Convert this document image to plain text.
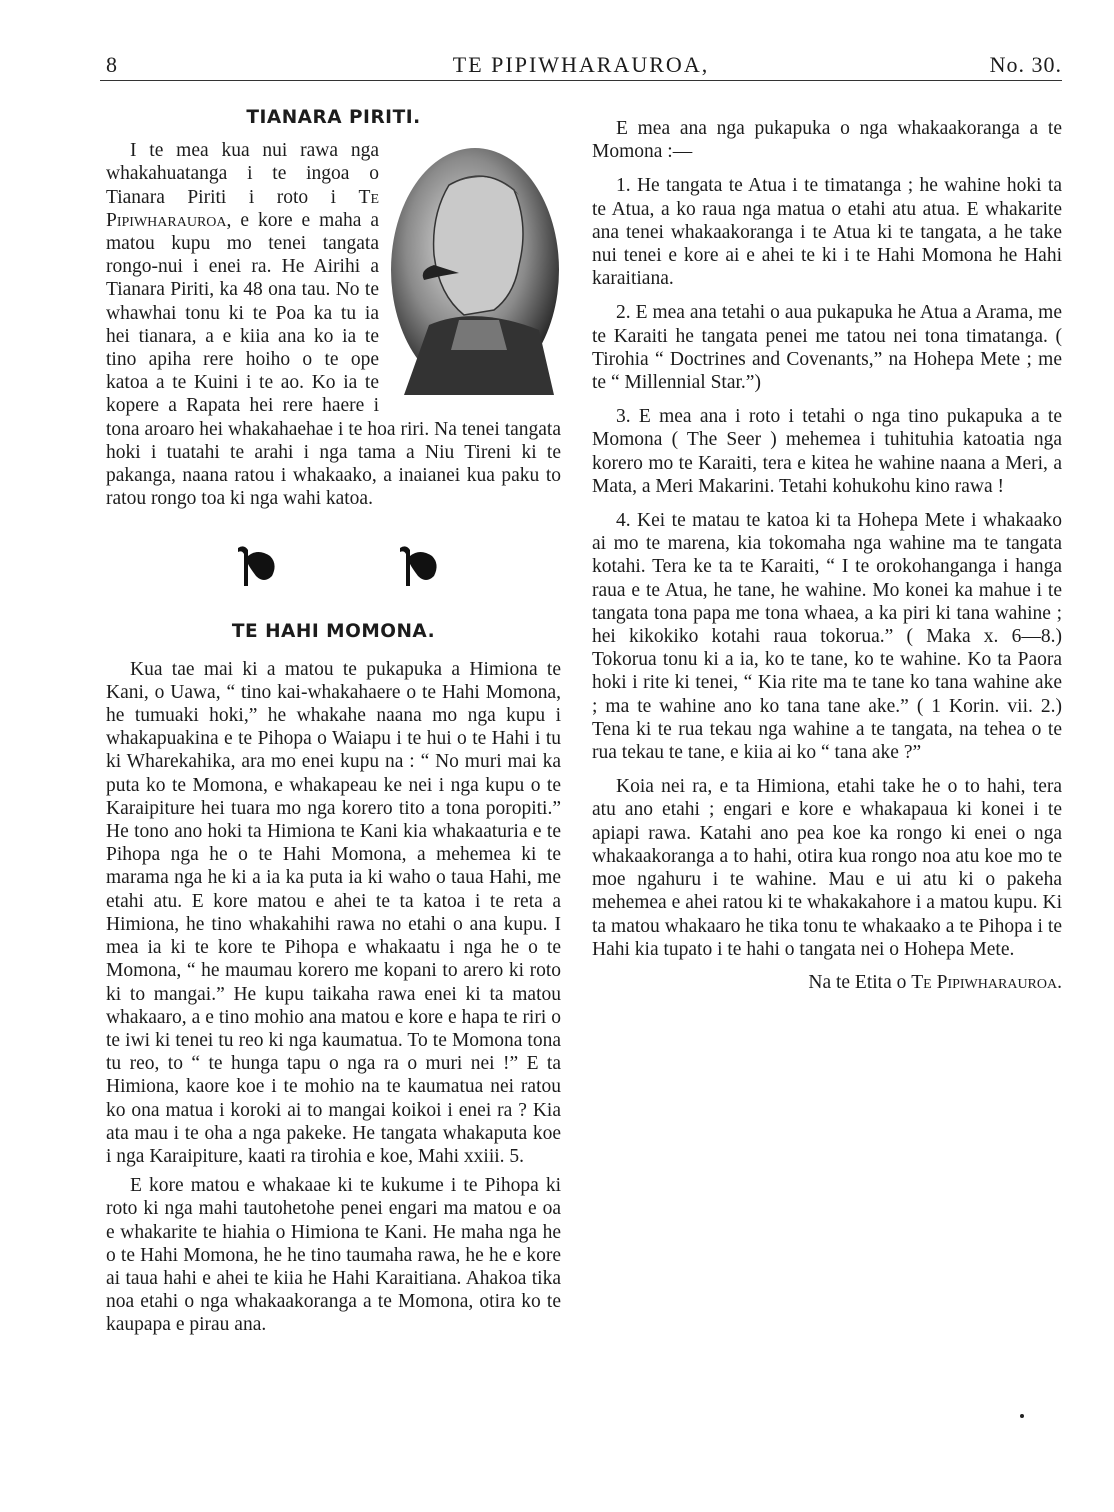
8	TE PIPIWHARAUROA,	No. 30.
TIANARA PIRITI.

I te mea kua nui rawa nga whakahuatanga i te ingoa o Tianara Piriti i roto i Te Pipiwharauroa, e kore e maha a matou kupu mo tenei tangata rongo-nui i enei ra. He Airihi a Tianara Piriti, ka 48 ona tau. No te whawhai tonu ki te Poa ka tu ia hei tianara, a e kiia ana ko ia te tino apiha rere hoiho o te ope katoa a te Kuini i te ao. Ko ia te kopere a Rapata hei rere haere i tona aroaro hei whakahaehae i te hoa riri. Na tenei tangata hoki i tuatahi te arahi i nga tama a Niu Tireni ki te pakanga, naana ratou i whakaako, a inaianei kua paku to ratou rongo toa ki nga wahi katoa.

TE HAHI MOMONA.

Kua tae mai ki a matou te pukapuka a Himiona te Kani, o Uawa, “ tino kai-whakahaere o te Hahi Momona, he tumuaki hoki,” he whakahe naana mo nga kupu i whakapuakina e te Pihopa o Waiapu i te hui o te Hahi i tu ki Wharekahika, ara mo enei kupu na : “ No muri mai ka puta ko te Momona, e whakapeau ke nei i nga kupu o te Karaipiture hei tuara mo nga korero tito a tona poropiti.” He tono ano hoki ta Himiona te Kani kia whakaaturia e te Pihopa nga he o te Hahi Momona, a mehemea ki te marama nga he ki a ia ka puta ia ki waho o taua Hahi, me etahi atu. E kore matou e ahei te ta katoa i te reta a Himiona, he tino whakahihi rawa no etahi o ana kupu. I mea ia ki te kore te Pihopa e whakaatu i nga he o te Momona, “ he maumau korero me kopani to arero ki roto ki to mangai.” He kupu taikaha rawa enei ki ta matou whakaaro, a e tino mohio ana matou e kore e hapa te riri o te iwi ki tenei tu reo ki nga kaumatua. To te Momona tona tu reo, to “ te hunga tapu o nga ra o muri nei !” E ta Himiona, kaore koe i te mohio na te kaumatua nei ratou ko ona matua i koroki ai to mangai koikoi i enei ra ? Kia ata mau i te oha a nga pakeke. He tangata whakaputa koe i nga Karaipiture, kaati ra tirohia e koe, Mahi xxiii. 5.

E kore matou e whakaae ki te kukume i te Pihopa ki roto ki nga mahi tautohetohe penei engari ma matou e oa e whakarite te hiahia o Himiona te Kani. He maha nga he o te Hahi Momona, he he tino taumaha rawa, he he e kore ai taua hahi e ahei te kiia he Hahi Karaitiana. Ahakoa tika noa etahi o nga whakaakoranga a te Momona, otira ko te kaupapa e pirau ana.

E mea ana nga pukapuka o nga whakaakoranga a te Momona :—

1. He tangata te Atua i te timatanga ; he wahine hoki ta te Atua, a ko raua nga matua o etahi atu atua. E whakarite ana tenei whakaakoranga i te Atua ki te tangata, a he take nui tenei e kore ai e ahei te ki i te Hahi Momona he Hahi karaitiana.

2. E mea ana tetahi o aua pukapuka he Atua a Arama, me te Karaiti he tangata penei me tatou nei tona timatanga. ( Tirohia “ Doctrines and Covenants,” na Hohepa Mete ; me te “ Millennial Star.”)

3. E mea ana i roto i tetahi o nga tino pukapuka a te Momona ( The Seer ) mehemea i tuhituhia katoatia nga korero mo te Karaiti, tera e kitea he wahine naana a Meri, a Mata, a Meri Makarini. Tetahi kohukohu kino rawa !

4. Kei te matau te katoa ki ta Hohepa Mete i whakaako ai mo te marena, kia tokomaha nga wahine ma te tangata kotahi. Tera ke ta te Karaiti, “ I te orokohanganga i hanga raua e te Atua, he tane, he wahine. Mo konei ka mahue i te tangata tona papa me tona whaea, a ka piri ki tana wahine ; hei kikokiko kotahi raua tokorua.” ( Maka x. 6—8.) Tokorua tonu ki a ia, ko te tane, ko te wahine. Ko ta Paora hoki i rite ki tenei, “ Kia rite ma te tane ko tana wahine ake ; ma te wahine ano ko tana tane ake.” ( 1 Korin. vii. 2.) Tena ki te rua tekau nga wahine a te tangata, na tehea o te rua tekau te tane, e kiia ai ko “ tana ake ?”

Koia nei ra, e ta Himiona, etahi take he o to hahi, tera atu ano etahi ; engari e kore e whakapaua ki konei i te apiapi rawa. Katahi ano pea koe ka rongo ki enei o nga whakaakoranga a to hahi, otira kua rongo noa atu koe mo te moe ngahuru i te wahine. Mau e ui atu ki o pakeha mehemea e ahei ratou ki te whakakahore i a matou kupu. Ki ta matou whakaaro he tika tonu te whakaako a te Pihopa i te Hahi kia tupato i te hahi o tangata nei o Hohepa Mete.

Na te Etita o Te Pipiwharauroa.
